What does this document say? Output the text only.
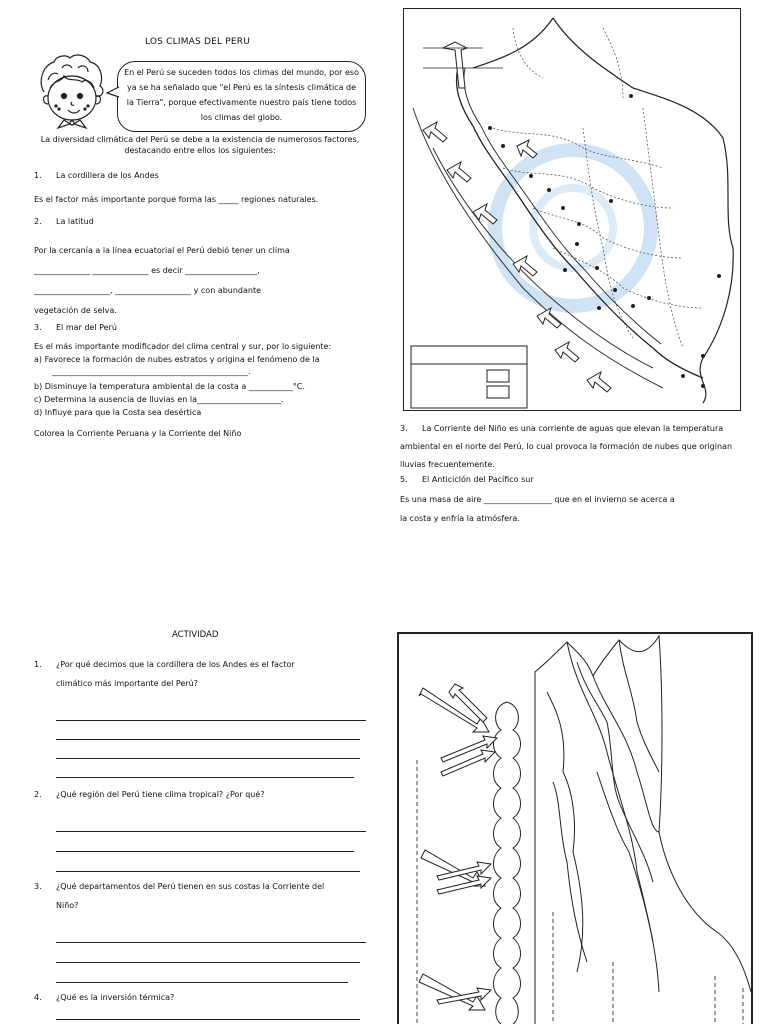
LOS CLIMAS DEL PERU
En el Perú se suceden todos los climas del mundo, por eso ya se ha señalado que "el Perú es la síntesis climática de la Tierra", porque efectivamente nuestro país tiene todos los climas del globo.
La diversidad climática del Perú se debe a la existencia de numerosos factores, destacando entre ellos los siguientes:
1. La cordillera de los Andes
Es el factor más importante porque forma las _____ regiones naturales.
2. La latitud
Por la cercanía a la línea ecuatorial el Perú debió tener un clima
______________ ______________ es decir __________________,
___________________, ___________________ y con abundante
vegetación de selva.
3. El mar del Perú
Es el más importante modificador del clima central y sur, por lo siguiente:
a) Favorece la formación de nubes estratos y origina el fenómeno de la
_________________________________________________.
b) Disminuye la temperatura ambiental de la costa a ___________°C.
c) Determina la ausencia de lluvias en la_____________________.
d) Influye para que la Costa sea desértica
Colorea la Corriente Peruana y la Corriente del Niño
3. La Corriente del Niño es una corriente de aguas que elevan la temperatura ambiental en el norte del Perú, lo cual provoca la formación de nubes que originan lluvias frecuentemente.
5. El Anticiclón del Pacífico sur
Es una masa de aire _________________ que en el invierno se acerca a
la costa y enfría la atmósfera.
ACTIVIDAD
1. ¿Por qué decimos que la cordillera de los Andes es el factor
climático más importante del Perú?
2. ¿Qué región del Perú tiene clima tropical? ¿Por qué?
3. ¿Qué departamentos del Perú tienen en sus costas la Corriente del
Niño?
4. ¿Qué es la inversión térmica?
